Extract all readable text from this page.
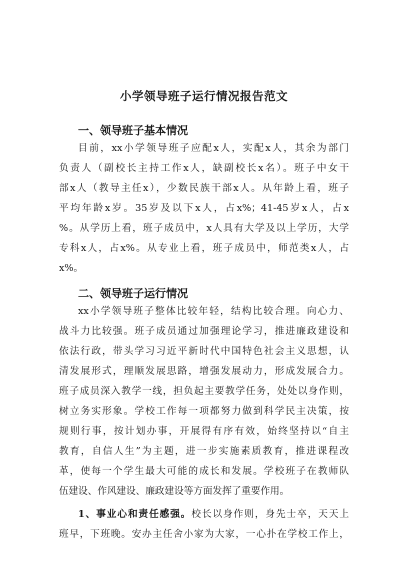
小学领导班子运行情况报告范文
一、领导班子基本情况
目前，xx小学领导班子应配x人，实配x人，其余为部门
负责人（副校长主持工作x人，缺副校长x名）。班子中女干
部x人（教导主任x），少数民族干部x人。从年龄上看，班子
平均年龄x岁。35岁及以下x人，占x%；41-45岁x人，占x
%。从学历上看，班子成员中，x人具有大学及以上学历，大学
专科x人，占x%。从专业上看，班子成员中，师范类x人，占
x%。
二、领导班子运行情况
xx小学领导班子整体比较年轻，结构比较合理。向心力、
战斗力比较强。班子成员通过加强理论学习，推进廉政建设和
依法行政，带头学习习近平新时代中国特色社会主义思想，认
清发展形式，理顺发展思路，增强发展动力，形成发展合力。
班子成员深入教学一线，担负起主要教学任务，处处以身作则，
树立务实形象。学校工作每一项都努力做到科学民主决策，按
规则行事，按计划办事，开展得有序有效，始终坚持以“自主
教育，自信人生”为主题，进一步实施素质教育，推进课程改
革，使每一个学生最大可能的成长和发展。学校班子在教师队
伍建设、作风建设、廉政建设等方面发挥了重要作用。
1、事业心和责任感强。校长以身作则，身先士卒，天天上
班早，下班晚。安办主任舍小家为大家，一心扑在学校工作上，
